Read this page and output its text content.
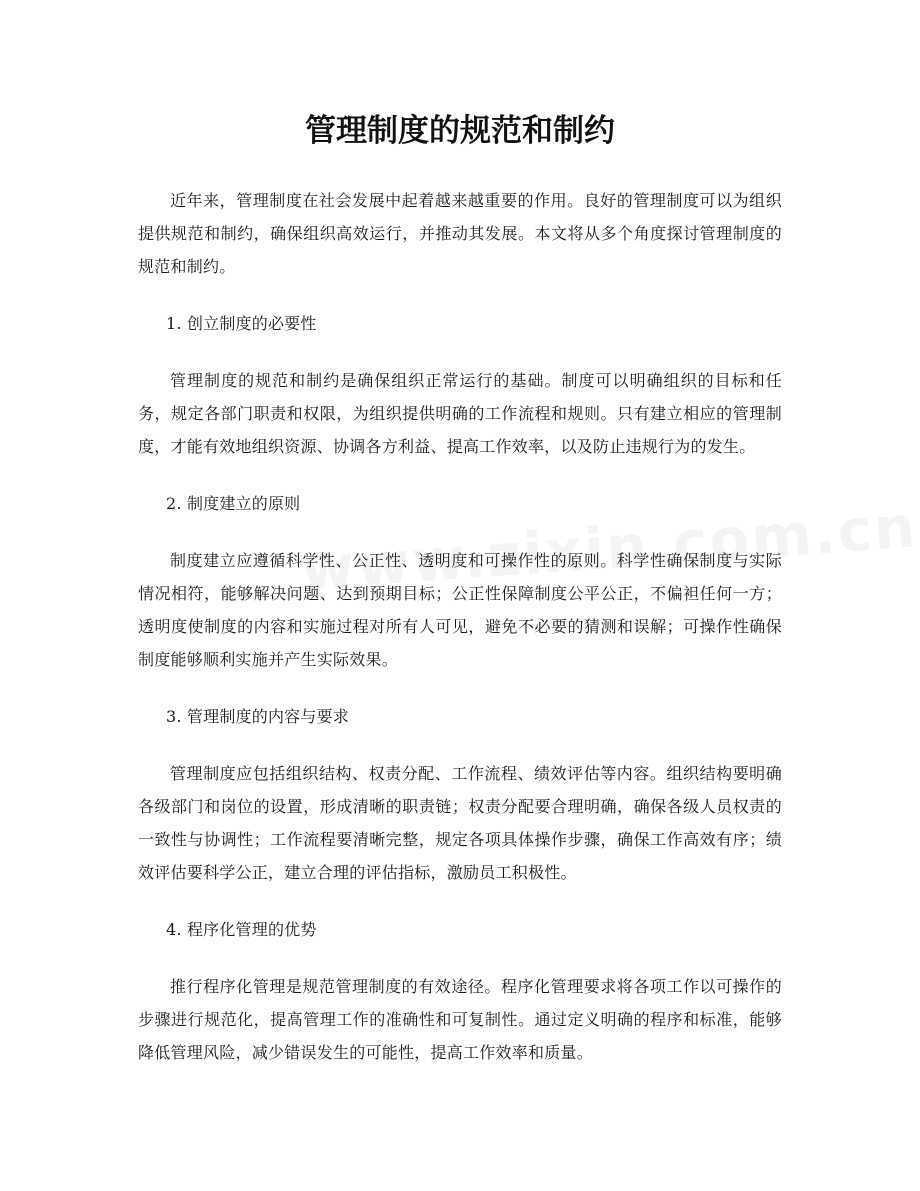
管理制度的规范和制约

近年来，管理制度在社会发展中起着越来越重要的作用。良好的管理制度可以为组织提供规范和制约，确保组织高效运行，并推动其发展。本文将从多个角度探讨管理制度的规范和制约。

1. 创立制度的必要性

管理制度的规范和制约是确保组织正常运行的基础。制度可以明确组织的目标和任务，规定各部门职责和权限，为组织提供明确的工作流程和规则。只有建立相应的管理制度，才能有效地组织资源、协调各方利益、提高工作效率，以及防止违规行为的发生。

2. 制度建立的原则

制度建立应遵循科学性、公正性、透明度和可操作性的原则。科学性确保制度与实际情况相符，能够解决问题、达到预期目标；公正性保障制度公平公正，不偏袒任何一方；透明度使制度的内容和实施过程对所有人可见，避免不必要的猜测和误解；可操作性确保制度能够顺利实施并产生实际效果。

3. 管理制度的内容与要求

管理制度应包括组织结构、权责分配、工作流程、绩效评估等内容。组织结构要明确各级部门和岗位的设置，形成清晰的职责链；权责分配要合理明确，确保各级人员权责的一致性与协调性；工作流程要清晰完整，规定各项具体操作步骤，确保工作高效有序；绩效评估要科学公正，建立合理的评估指标，激励员工积极性。

4. 程序化管理的优势

推行程序化管理是规范管理制度的有效途径。程序化管理要求将各项工作以可操作的步骤进行规范化，提高管理工作的准确性和可复制性。通过定义明确的程序和标准，能够降低管理风险，减少错误发生的可能性，提高工作效率和质量。
